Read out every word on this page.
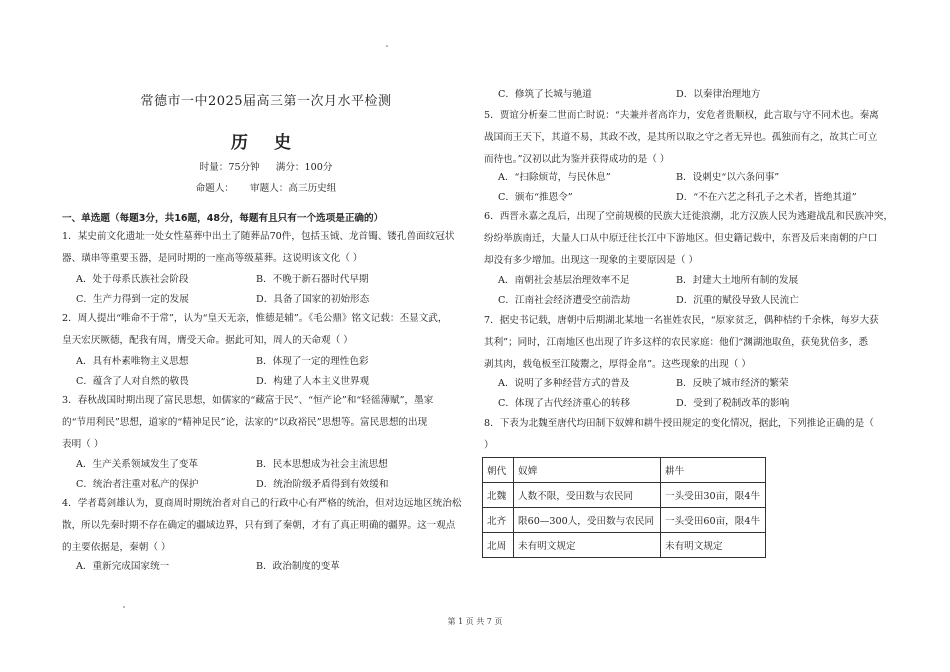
常德市一中2025届高三第一次月水平检测
历 史
时量：75分钟 满分：100分
命题人： 审题人：高三历史组
一、单选题（每题3分，共16题，48分，每题有且只有一个选项是正确的）
1．某史前文化遗址一处女性墓葬中出土了随葬品70件，包括玉钺、龙首镯、镂孔兽面纹冠状
器、璜串等重要玉器，是同时期的一座高等级墓葬。这说明该文化（ ）
A．处于母系氏族社会阶段	B．不晚于新石器时代早期
C．生产力得到一定的发展	D．具备了国家的初始形态
2．周人提出“唯命不于常”，认为“皇天无亲，惟德是辅”。《毛公鼎》铭文记载：丕显文武，
皇天宏厌厥德，配我有周，膺受天命。据此可知，周人的天命观（ ）
A．具有朴素唯物主义思想	B．体现了一定的理性色彩
C．蕴含了人对自然的敬畏	D．构建了人本主义世界观
3．春秋战国时期出现了富民思想，如儒家的“藏富于民”、“恒产论”和“轻徭薄赋”，墨家
的“节用利民”思想，道家的“精神足民”论，法家的“以政裕民”思想等。富民思想的出现
表明（ ）
A．生产关系领域发生了变革	B．民本思想成为社会主流思想
C．统治者注重对私产的保护	D．统治阶级矛盾得到有效缓和
4．学者葛剑雄认为，夏商周时期统治者对自己的行政中心有严格的统治，但对边远地区统治松
散，所以先秦时期不存在确定的疆域边界，只有到了秦朝，才有了真正明确的疆界。这一观点
的主要依据是，秦朝（ ）
A．重新完成国家统一	B．政治制度的变革
C．修筑了长城与驰道	D．以秦律治理地方
5．贾谊分析秦二世而亡时说：“夫兼并者高诈力，安危者贵顺权，此言取与守不同术也。秦离
战国而王天下，其道不易，其政不改，是其所以取之守之者无异也。孤独而有之，故其亡可立
而待也。”汉初以此为鉴并获得成功的是（ ）
A．“扫除烦苛，与民休息”	B．设刺史“以六条问事”
C．颁布“推恩令”	D．“不在六艺之科孔子之术者，皆绝其道”
6．西晋永嘉之乱后，出现了空前规模的民族大迁徙浪潮，北方汉族人民为逃避战乱和民族冲突，
纷纷举族南迁，大量人口从中原迁往长江中下游地区。但史籍记载中，东晋及后来南朝的户口
却没有多少增加。出现这一现象的主要原因是（ ）
A．南朝社会基层治理效率不足	B．封建大土地所有制的发展
C．江南社会经济遭受空前浩劫	D．沉重的赋役导致人民流亡
7．据史书记载，唐朝中后期湖北某地一名崔姓农民，“原家贫乏，偶种桔约千余株，每岁大获
其利”；同时，江南地区也出现了许多这样的农民家庭：他们“渊湖池取鱼，获兔犹倍多，悉
剥其肉，载龟板至江陵鬻之，厚得金帛”。这些现象的出现（ ）
A．说明了多种经营方式的普及	B．反映了城市经济的繁荣
C．体现了古代经济重心的转移	D．受到了税制改革的影响
8．下表为北魏至唐代均田制下奴婢和耕牛授田规定的变化情况，据此，下列推论正确的是（
）
朝代	奴婢	耕牛
北魏	人数不限，受田数与农民同	一头受田30亩，限4牛
北齐	限60—300人，受田数与农民同	一头受田60亩，限4牛
北周	未有明文规定	未有明文规定
第 1 页 共 7 页
